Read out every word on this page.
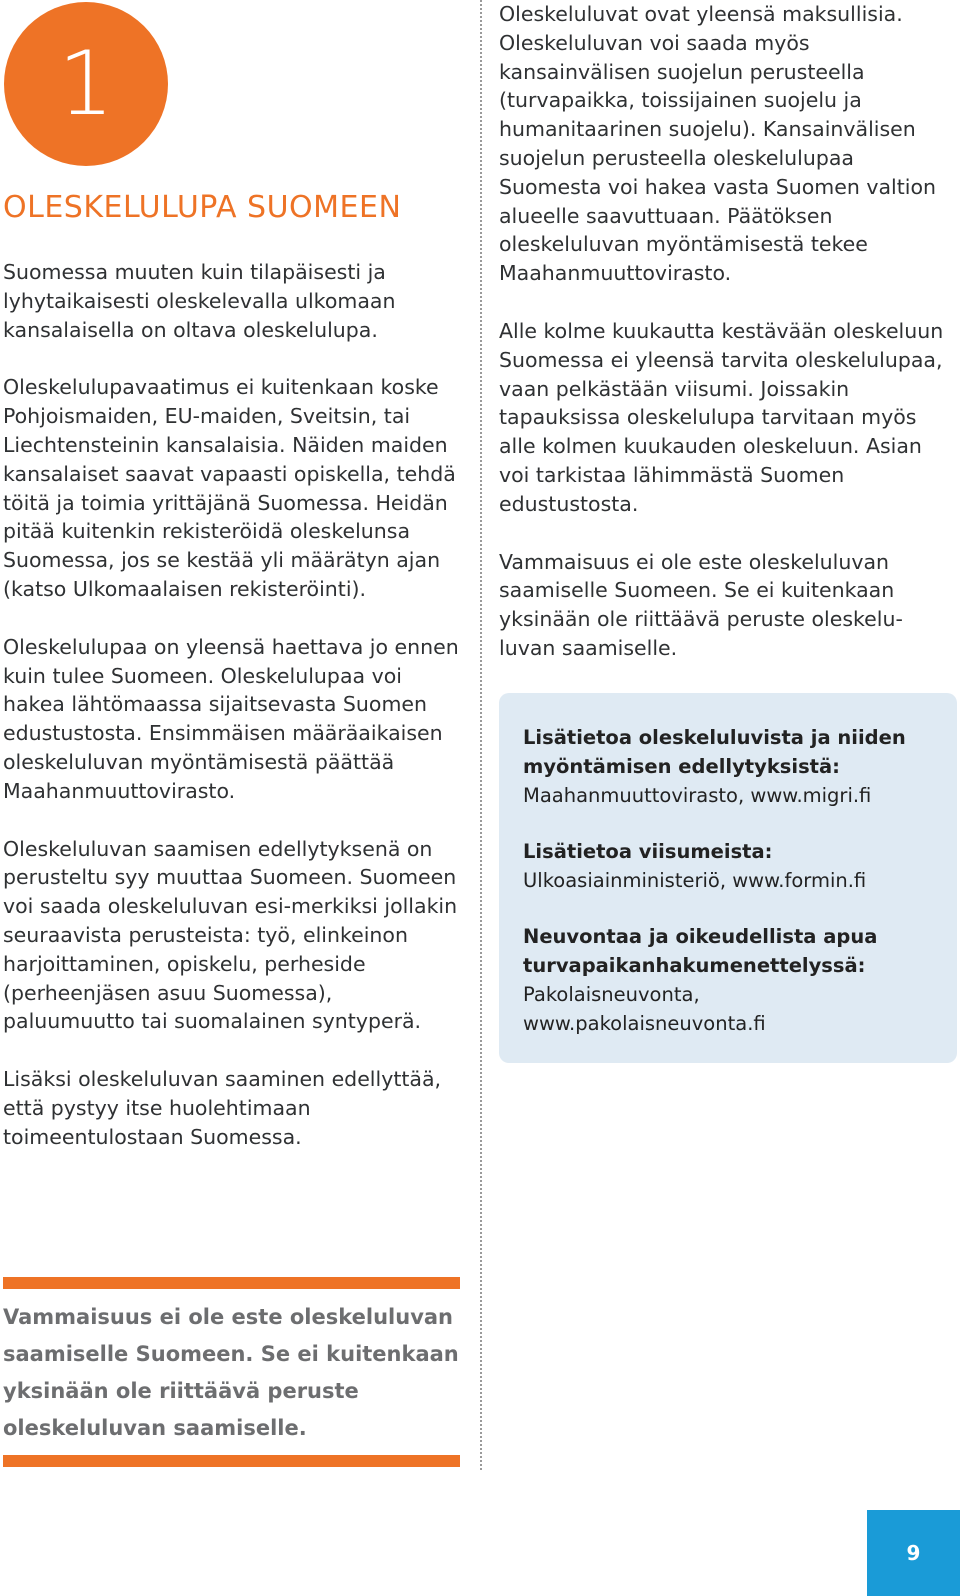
1
OLESKELULUPA SUOMEEN

Suomessa muuten kuin tilapäisesti ja lyhytaikaisesti oleskelevalla ulkomaan kansalaisella on oltava oleskelulupa.

Oleskelulupavaatimus ei kuitenkaan koske Pohjoismaiden, EU-maiden, Sveitsin, tai Liechtensteinin kansalaisia. Näiden maiden kansalaiset saavat vapaasti opiskella, tehdä töitä ja toimia yrittäjänä Suomessa. Heidän pitää kuitenkin rekisteröidä oleskelunsa Suomessa, jos se kestää yli määrätyn ajan (katso Ulkomaalaisen rekisteröinti).

Oleskelulupaa on yleensä haettava jo ennen kuin tulee Suomeen. Oleskelulupaa voi hakea lähtömaassa sijaitsevasta Suomen edustustosta. Ensimmäisen määräaikaisen oleskeluluvan myöntämisestä päättää Maahanmuuttovirasto.

Oleskeluluvan saamisen edellytyksenä on perusteltu syy muuttaa Suomeen. Suomeen voi saada oleskeluluvan esi-merkiksi jollakin seuraavista perusteista: työ, elinkeinon harjoittaminen, opiskelu, perheside (perheenjäsen asuu Suomessa), paluumuutto tai suomalainen syntyperä.

Lisäksi oleskeluluvan saaminen edellyttää, että pystyy itse huolehtimaan toimeentulostaan Suomessa.

Vammaisuus ei ole este oleskeluluvan saamiselle Suomeen. Se ei kuitenkaan yksinään ole riittäävä peruste oleskeluluvan saamiselle.

Oleskeluluvat ovat yleensä maksullisia. Oleskeluluvan voi saada myös kansainvälisen suojelun perusteella (turvapaikka, toissijainen suojelu ja humanitaarinen suojelu). Kansainvälisen suojelun perusteella oleskelulupaa Suomesta voi hakea vasta Suomen valtion alueelle saavuttuaan. Päätöksen oleskeluluvan myöntämisestä tekee Maahanmuuttovirasto.

Alle kolme kuukautta kestävään oleskeluun Suomessa ei yleensä tarvita oleskelulupaa, vaan pelkästään viisumi. Joissakin tapauksissa oleskelulupa tarvitaan myös alle kolmen kuukauden oleskeluun. Asian voi tarkistaa lähimmästä Suomen edustustosta.

Vammaisuus ei ole este oleskeluluvan saamiselle Suomeen. Se ei kuitenkaan yksinään ole riittäävä peruste oleskelu-luvan saamiselle.

Lisätietoa oleskeluluvista ja niiden myöntämisen edellytyksistä:

Maahanmuuttovirasto, www.migri.fi

Lisätietoa viisumeista:

Ulkoasiainministeriö, www.formin.fi

Neuvontaa ja oikeudellista apua turvapaikanhakumenettelyssä:

Pakolaisneuvonta, www.pakolaisneuvonta.fi

9
